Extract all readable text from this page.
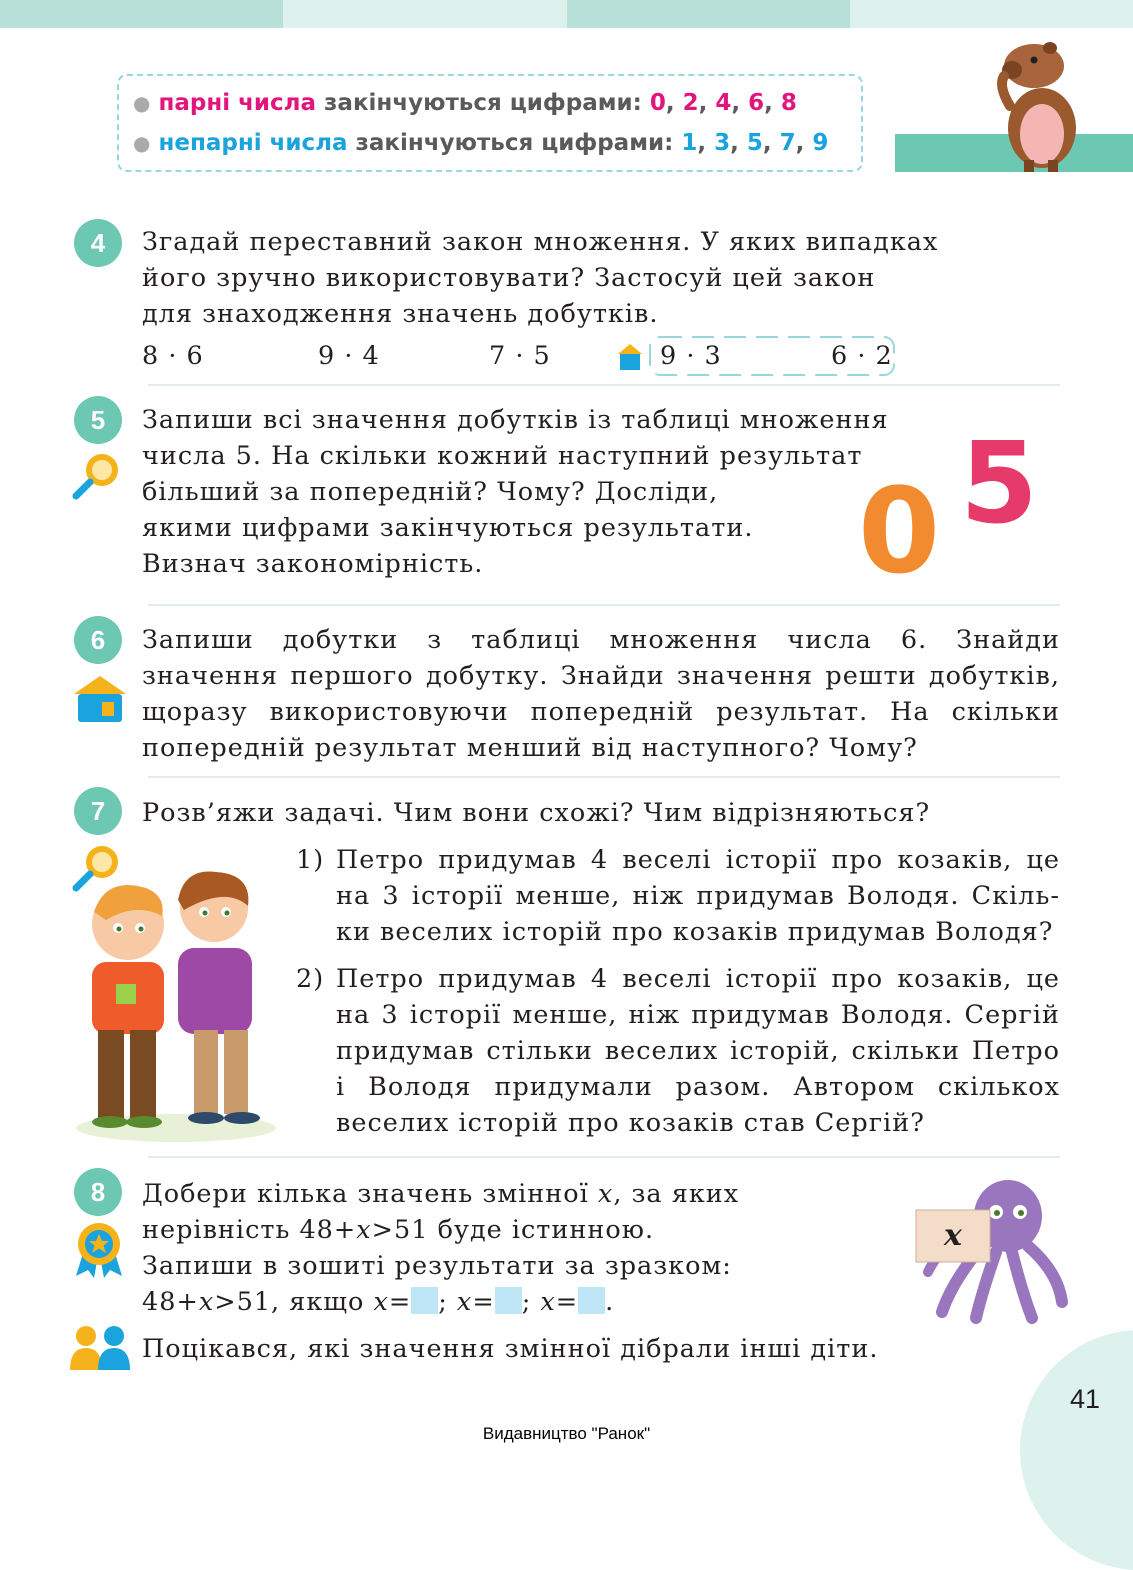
● парні числа закінчуються цифрами: 0, 2, 4, 6, 8
● непарні числа закінчуються цифрами: 1, 3, 5, 7, 9
4	Згадай переставний закон множення. У яких випадках
його зручно використовувати? Застосуй цей закон
для знаходження значень добутків.
8 · 6	9 · 4	7 · 5	9 · 3	6 · 2
5	Запиши всі значення добутків із таблиці множення
числа 5. На скільки кожний наступний результат
більший за попередній? Чому? Досліди,
якими цифрами закінчуються результати.
Визнач закономірність.	0 5
6	Запиши добутки з таблиці множення числа 6. Знайди
значення першого добутку. Знайди значення решти добутків,
щоразу використовуючи попередній результат. На скільки
попередній результат менший від наступного? Чому?
7	Розв’яжи задачі. Чим вони схожі? Чим відрізняються?
1) Петро придумав 4 веселі історії про козаків, це
на 3 історії менше, ніж придумав Володя. Скіль-
ки веселих історій про козаків придумав Володя?
2) Петро придумав 4 веселі історії про козаків, це
на 3 історії менше, ніж придумав Володя. Сергій
придумав стільки веселих історій, скільки Петро
і Володя придумали разом. Автором скількох
веселих історій про козаків став Сергій?
8	Добери кілька значень змінної x, за яких
нерівність 48+x>51 буде істинною.
Запиши в зошиті результати за зразком:
48+x>51, якщо x= ; x= ; x= .
x
Поцікався, які значення змінної дібрали інші діти.
41
Видавництво "Ранок"
